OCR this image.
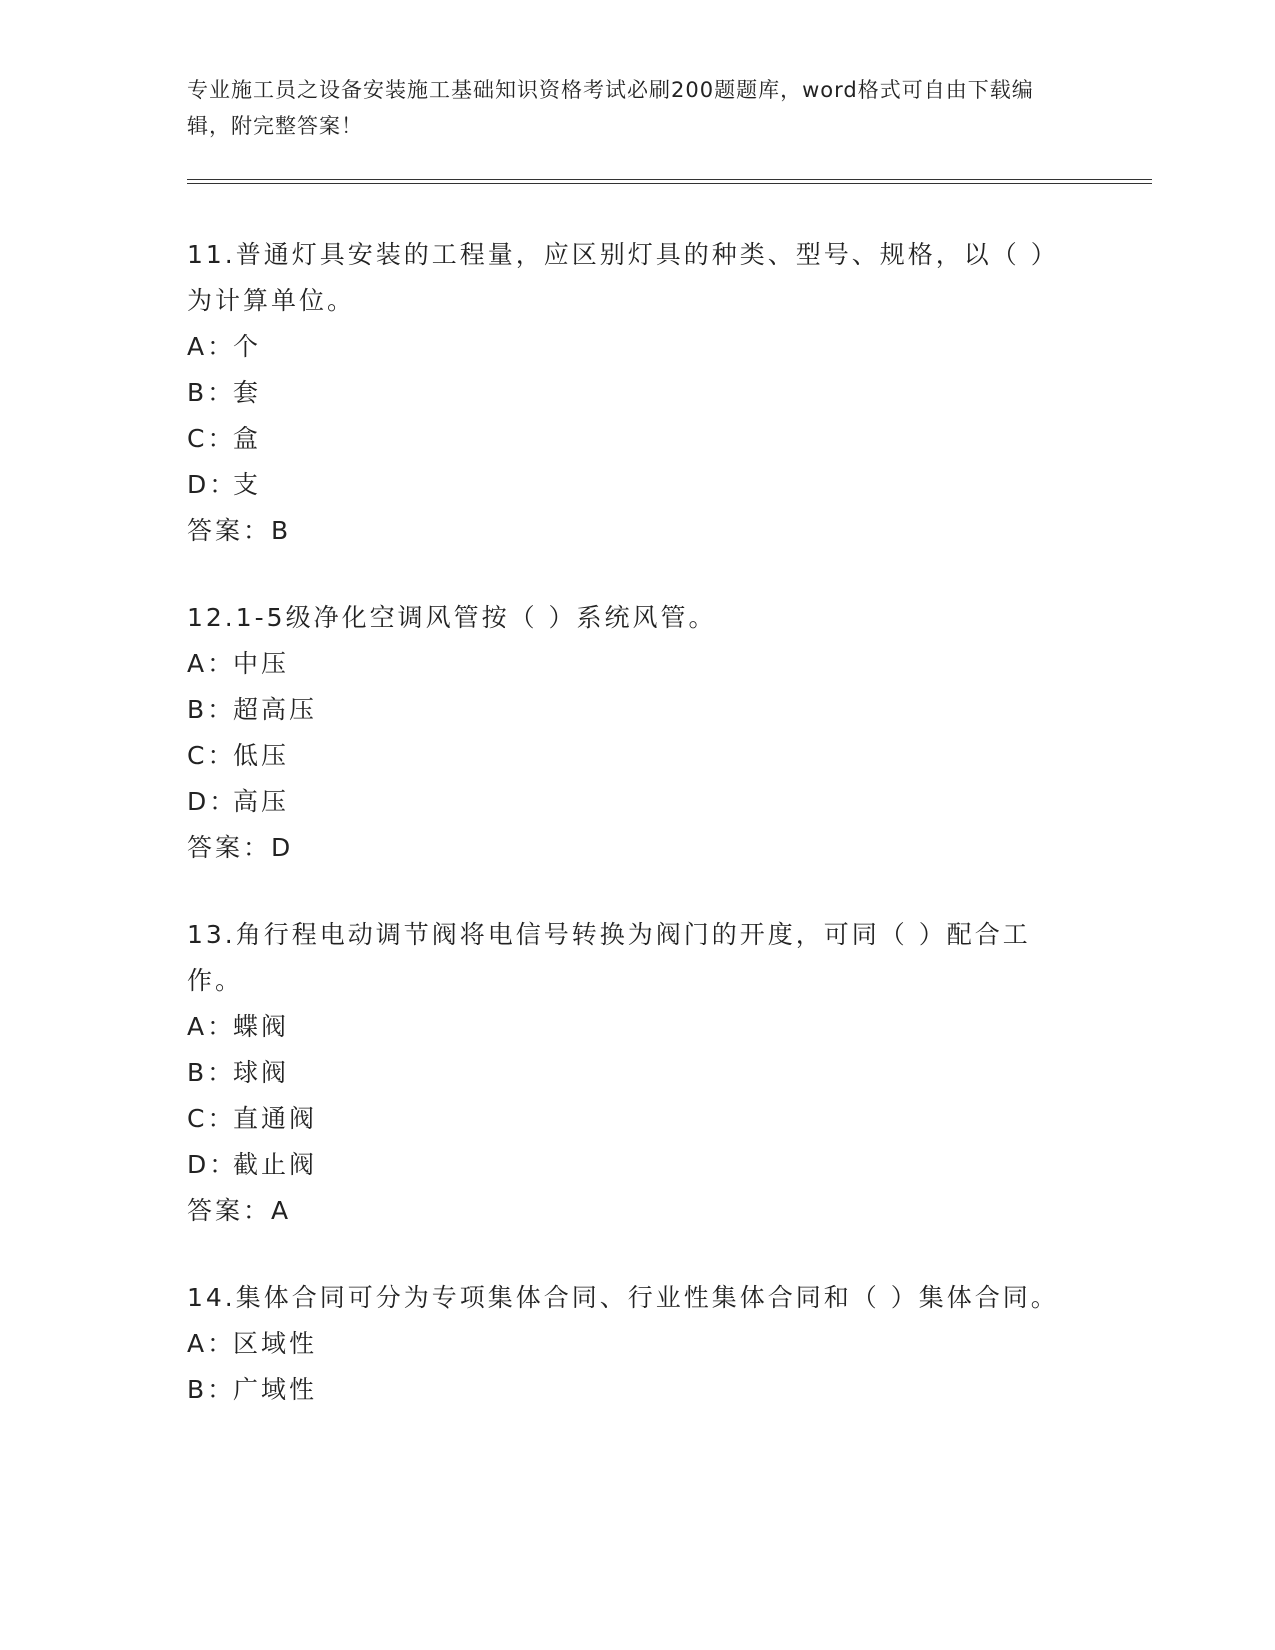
专业施工员之设备安装施工基础知识资格考试必刷200题题库，word格式可自由下载编辑，附完整答案！
11.普通灯具安装的工程量，应区别灯具的种类、型号、规格，以（ ）为计算单位。
A：个
B：套
C：盒
D：支
答案：B
12.1-5级净化空调风管按（ ）系统风管。
A：中压
B：超高压
C：低压
D：高压
答案：D
13.角行程电动调节阀将电信号转换为阀门的开度，可同（ ）配合工作。
A：蝶阀
B：球阀
C：直通阀
D：截止阀
答案：A
14.集体合同可分为专项集体合同、行业性集体合同和（ ）集体合同。
A：区域性
B：广域性
